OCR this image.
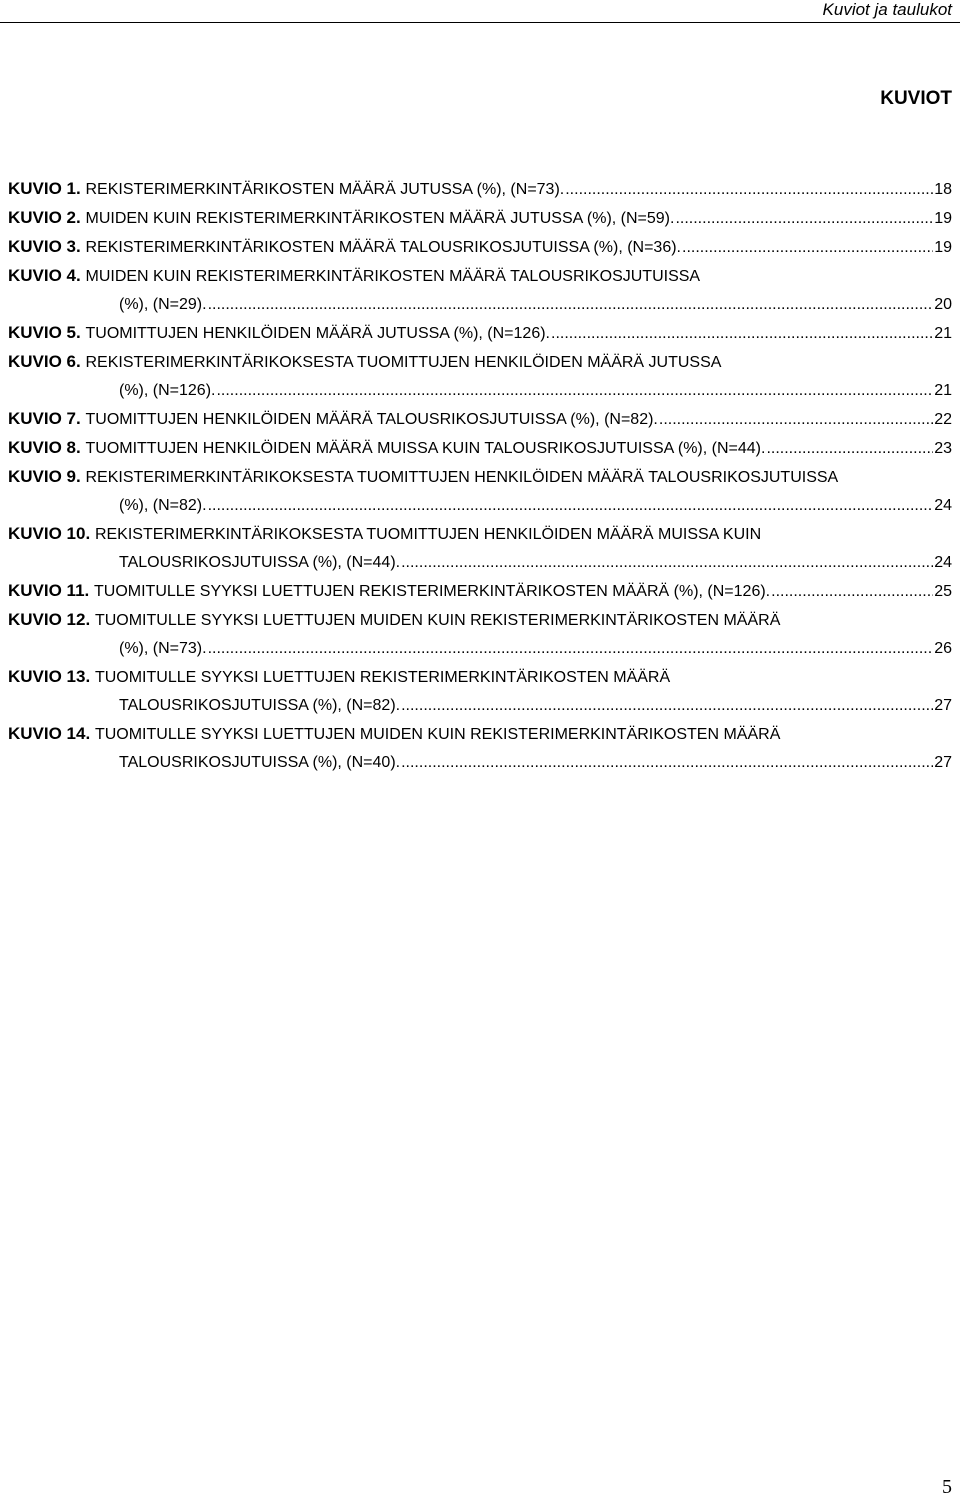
Kuviot ja taulukot
KUVIOT
KUVIO 1.
REKISTERIMERKINTÄRIKOSTEN MÄÄRÄ JUTUSSA (%), (N=73). .....	18
KUVIO 2.
MUIDEN KUIN REKISTERIMERKINTÄRIKOSTEN MÄÄRÄ JUTUSSA (%), (N=59). .....	19
KUVIO 3.
REKISTERIMERKINTÄRIKOSTEN MÄÄRÄ TALOUSRIKOSJUTUISSA (%), (N=36). .....	19
KUVIO 4.
MUIDEN KUIN REKISTERIMERKINTÄRIKOSTEN MÄÄRÄ TALOUSRIKOSJUTUISSA
(%), (N=29). .....	20
KUVIO 5.
TUOMITTUJEN HENKILÖIDEN MÄÄRÄ JUTUSSA (%), (N=126). .....	21
KUVIO 6.
REKISTERIMERKINTÄRIKOKSESTA TUOMITTUJEN HENKILÖIDEN MÄÄRÄ JUTUSSA
(%), (N=126). .....	21
KUVIO 7.
TUOMITTUJEN HENKILÖIDEN MÄÄRÄ TALOUSRIKOSJUTUISSA (%), (N=82). .....	22
KUVIO 8.
TUOMITTUJEN HENKILÖIDEN MÄÄRÄ MUISSA KUIN TALOUSRIKOSJUTUISSA (%), (N=44). .....	23
KUVIO 9.
REKISTERIMERKINTÄRIKOKSESTA TUOMITTUJEN HENKILÖIDEN MÄÄRÄ TALOUSRIKOSJUTUISSA
(%), (N=82). .....	24
KUVIO 10.
REKISTERIMERKINTÄRIKOKSESTA TUOMITTUJEN HENKILÖIDEN MÄÄRÄ MUISSA KUIN
TALOUSRIKOSJUTUISSA (%), (N=44). .....	24
KUVIO 11.
TUOMITULLE SYYKSI LUETTUJEN REKISTERIMERKINTÄRIKOSTEN MÄÄRÄ (%), (N=126). .....	25
KUVIO 12.
TUOMITULLE SYYKSI LUETTUJEN MUIDEN KUIN REKISTERIMERKINTÄRIKOSTEN MÄÄRÄ
(%), (N=73). .....	26
KUVIO 13.
TUOMITULLE SYYKSI LUETTUJEN REKISTERIMERKINTÄRIKOSTEN MÄÄRÄ
TALOUSRIKOSJUTUISSA (%), (N=82). .....	27
KUVIO 14.
TUOMITULLE SYYKSI LUETTUJEN MUIDEN KUIN REKISTERIMERKINTÄRIKOSTEN MÄÄRÄ
TALOUSRIKOSJUTUISSA (%), (N=40). .....	27
5
